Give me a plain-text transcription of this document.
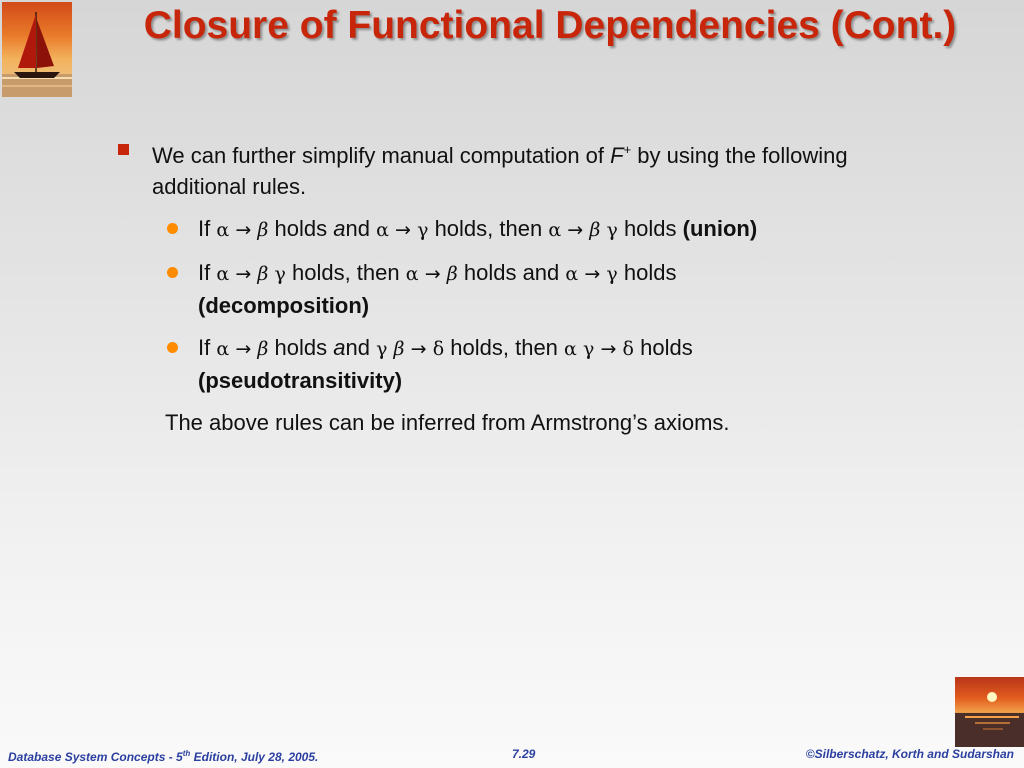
Closure of Functional Dependencies (Cont.)
We can further simplify manual computation of F+ by using the following additional rules.
If α → β holds and α → γ holds, then α → β γ holds (union)
If α → β γ holds, then α → β holds and α → γ holds
(decomposition)
If α → β holds and γ β → δ holds, then α γ → δ holds
(pseudotransitivity)
The above rules can be inferred from Armstrong’s axioms.
Database System Concepts - 5th Edition, July 28, 2005.	7.29	©Silberschatz, Korth and Sudarshan
